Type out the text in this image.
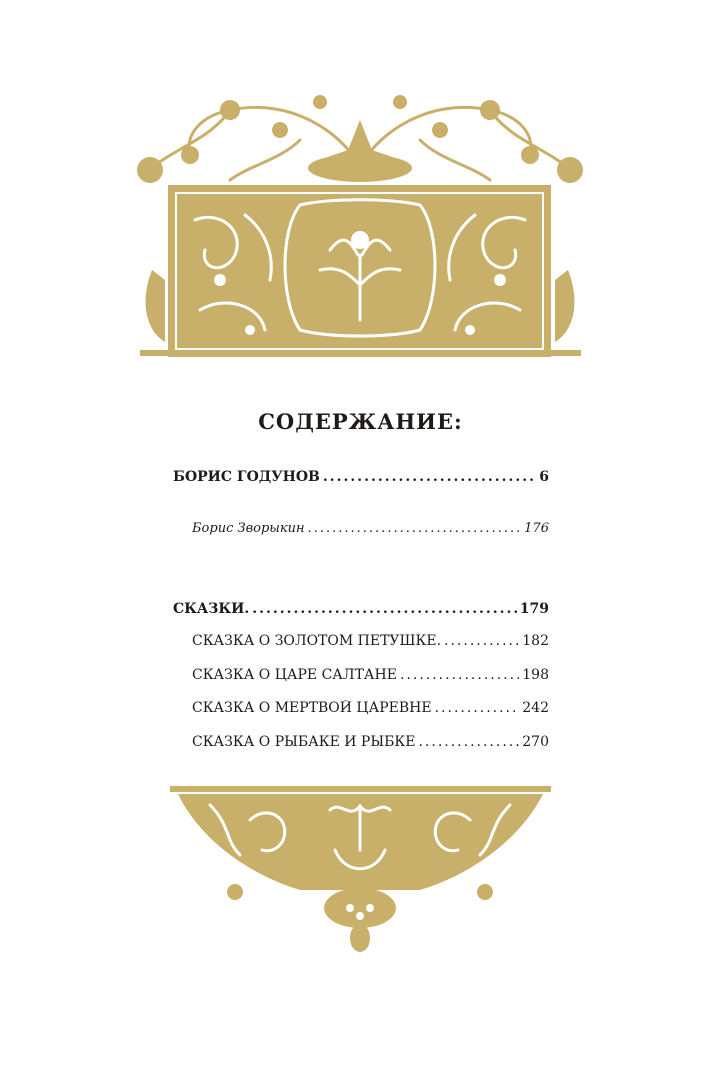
СОДЕРЖАНИЕ:
БОРИС ГОДУНОВ .....	6
Борис Зворыкин .....	176
СКАЗКИ. .....	179
СКАЗКА О ЗОЛОТОМ ПЕТУШКЕ. .....	182
СКАЗКА О ЦАРЕ САЛТАНЕ .....	198
СКАЗКА О МЕРТВОЙ ЦАРЕВНЕ .....	242
СКАЗКА О РЫБАКЕ И РЫБКЕ .....	270
